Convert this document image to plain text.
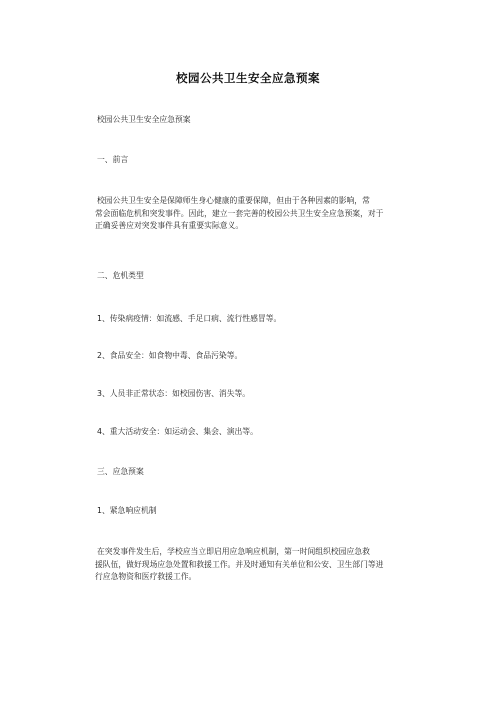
校园公共卫生安全应急预案
校园公共卫生安全应急预案
一、前言
校园公共卫生安全是保障师生身心健康的重要保障，但由于各种因素的影响，常
常会面临危机和突发事件。因此，建立一套完善的校园公共卫生安全应急预案，对于
正确妥善应对突发事件具有重要实际意义。
二、危机类型
1、传染病疫情：如流感、手足口病、流行性感冒等。
2、食品安全：如食物中毒、食品污染等。
3、人员非正常状态：如校园伤害、消失等。
4、重大活动安全：如运动会、集会、演出等。
三、应急预案
1、紧急响应机制
在突发事件发生后，学校应当立即启用应急响应机制，第一时间组织校园应急救
援队伍，做好现场应急处置和救援工作。并及时通知有关单位和公安、卫生部门等进
行应急物资和医疗救援工作。
